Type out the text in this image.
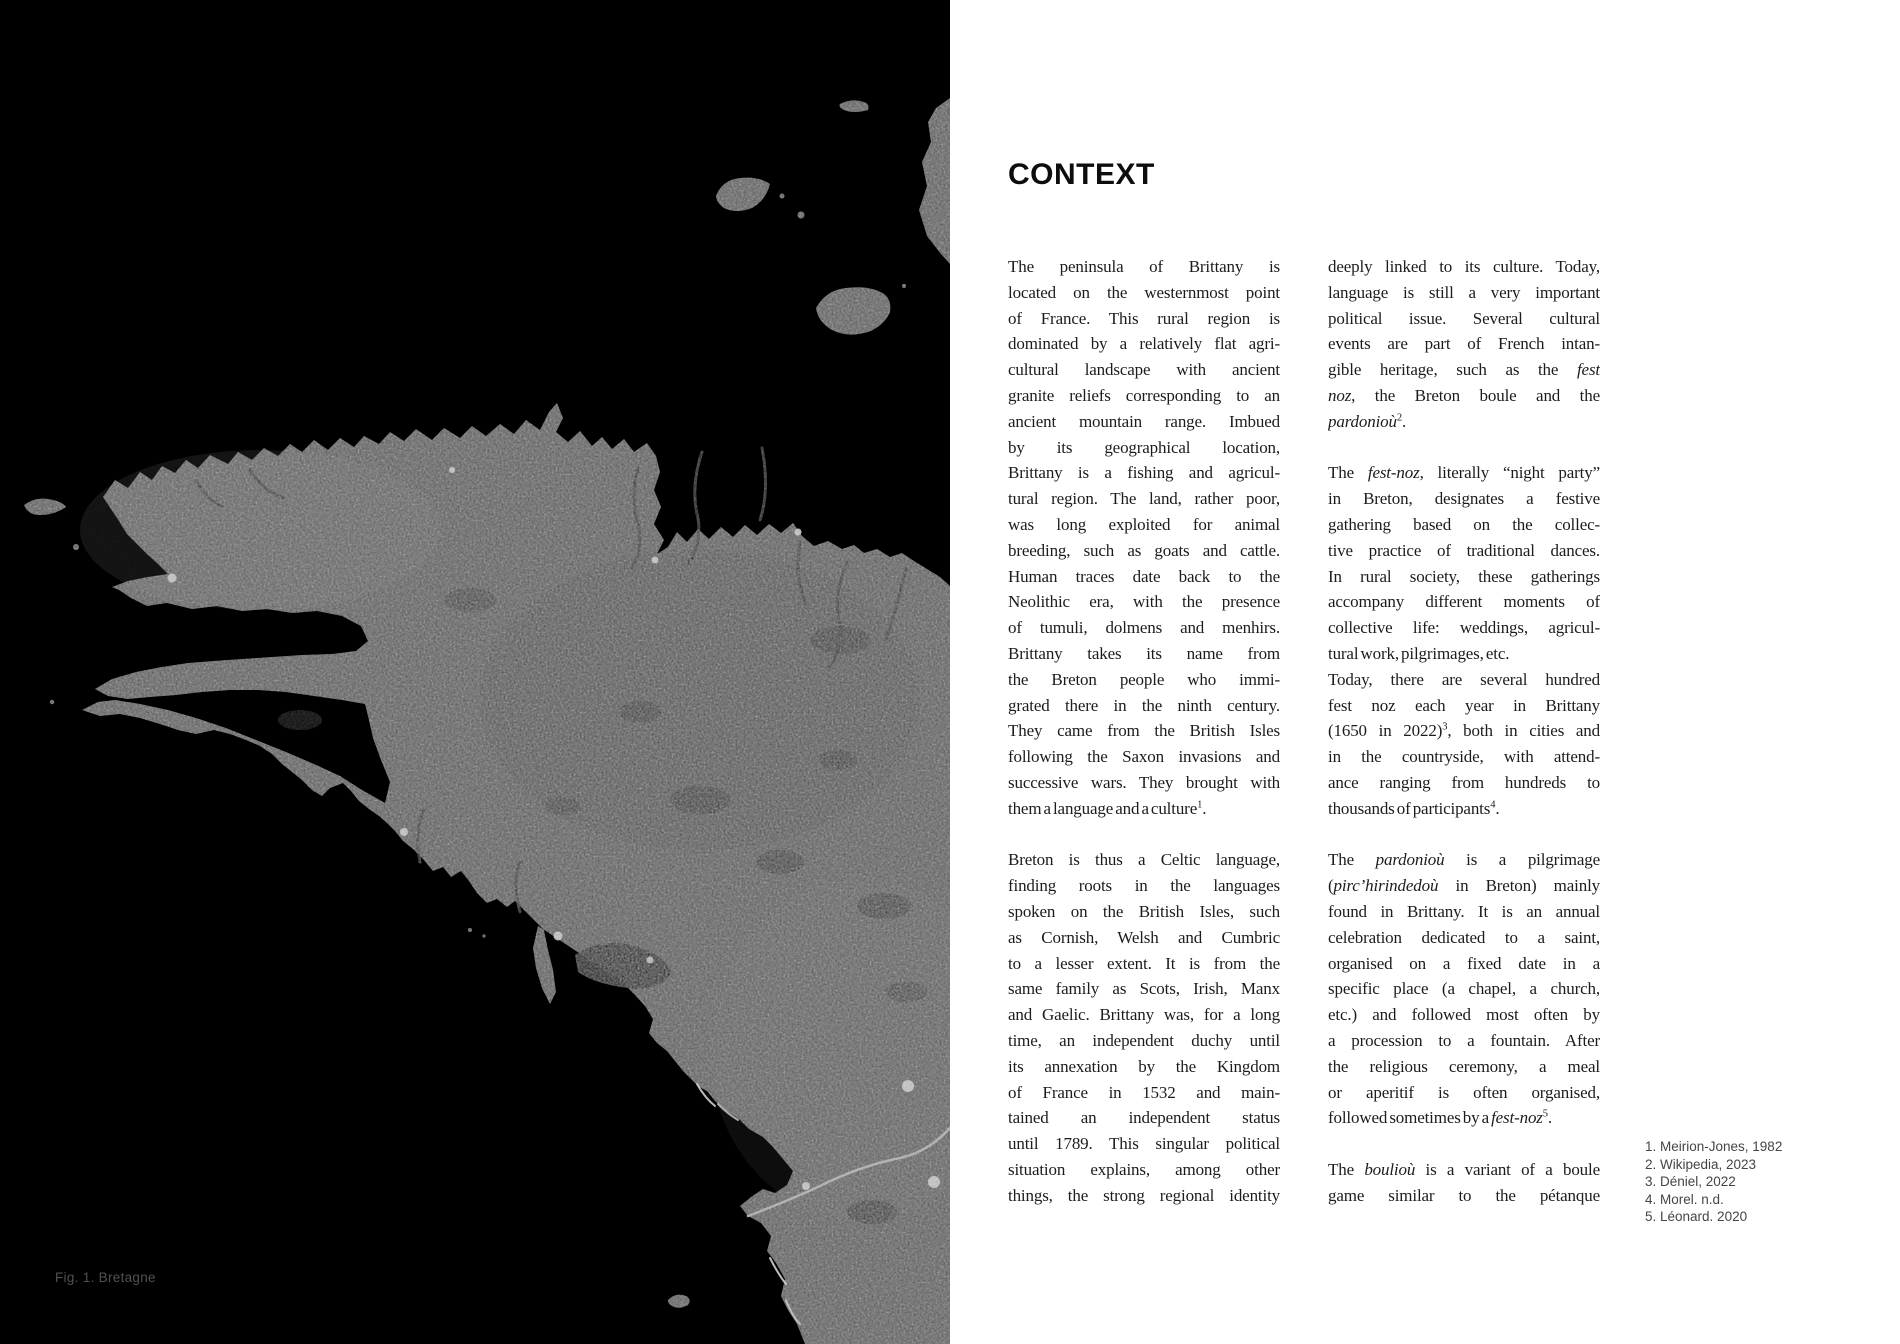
Fig. 1. Bretagne
CONTEXT
The peninsula of Brittany is
located on the westernmost point
of France. This rural region is
dominated by a relatively flat agri-
cultural landscape with ancient
granite reliefs corresponding to an
ancient mountain range. Imbued
by its geographical location,
Brittany is a fishing and agricul-
tural region. The land, rather poor,
was long exploited for animal
breeding, such as goats and cattle.
Human traces date back to the
Neolithic era, with the presence
of tumuli, dolmens and menhirs.
Brittany takes its name from
the Breton people who immi-
grated there in the ninth century.
They came from the British Isles
following the Saxon invasions and
successive wars. They brought with
them a language and a culture$^1$.
Breton is thus a Celtic language,
finding roots in the languages
spoken on the British Isles, such
as Cornish, Welsh and Cumbric
to a lesser extent. It is from the
same family as Scots, Irish, Manx
and Gaelic. Brittany was, for a long
time, an independent duchy until
its annexation by the Kingdom
of France in 1532 and main-
tained an independent status
until 1789. This singular political
situation explains, among other
things, the strong regional identity
deeply linked to its culture. Today,
language is still a very important
political issue. Several cultural
events are part of French intan-
gible heritage, such as the fest
noz, the Breton boule and the
pardonioù$^2$.
The fest-noz, literally “night party”
in Breton, designates a festive
gathering based on the collec-
tive practice of traditional dances.
In rural society, these gatherings
accompany different moments of
collective life: weddings, agricul-
tural work, pilgrimages, etc.
Today, there are several hundred
fest noz each year in Brittany
(1650 in 2022)$^3$, both in cities and
in the countryside, with attend-
ance ranging from hundreds to
thousands of participants$^4$.
The pardonioù is a pilgrimage
(pirc’hirindedoù in Breton) mainly
found in Brittany. It is an annual
celebration dedicated to a saint,
organised on a fixed date in a
specific place (a chapel, a church,
etc.) and followed most often by
a procession to a fountain. After
the religious ceremony, a meal
or aperitif is often organised,
followed sometimes by a fest-noz$^5$.
The boulioù is a variant of a boule
game similar to the pétanque
1. Meirion-Jones, 1982
2. Wikipedia, 2023
3. Déniel, 2022
4. Morel. n.d.
5. Léonard. 2020
